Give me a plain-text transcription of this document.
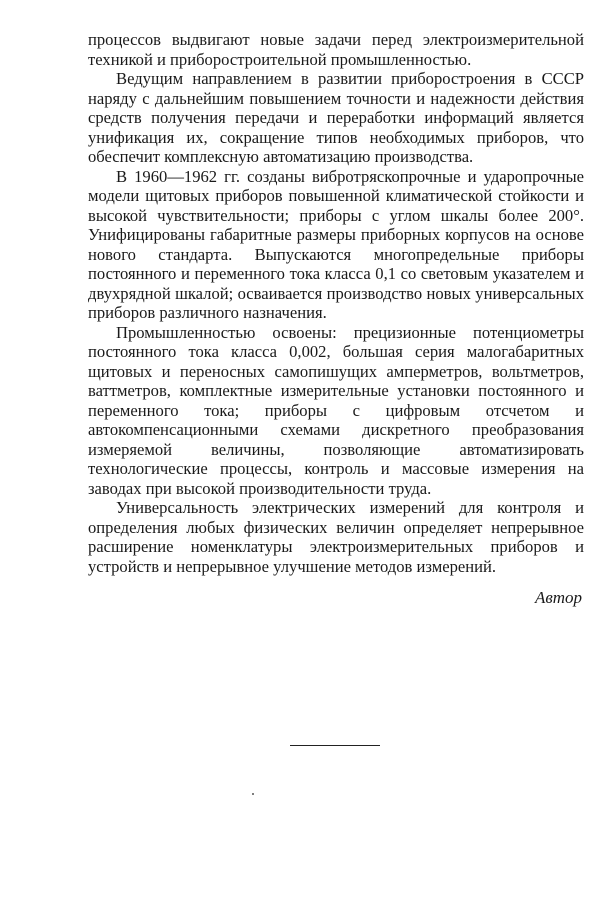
процессов выдвигают новые задачи перед электроизмерительной техникой и приборостроительной промышленностью.

Ведущим направлением в развитии приборостроения в СССР наряду с дальнейшим повышением точности и надежности действия средств получения передачи и переработки информаций является унификация их, сокращение типов необходимых приборов, что обеспечит комплексную автоматизацию производства.

В 1960—1962 гг. созданы вибротряскопрочные и ударопрочные модели щитовых приборов повышенной климатической стойкости и высокой чувствительности; приборы с углом шкалы более 200°. Унифицированы габаритные размеры приборных корпусов на основе нового стандарта. Выпускаются многопредельные приборы постоянного и переменного тока класса 0,1 со световым указателем и двухрядной шкалой; осваивается производство новых универсальных приборов различного назначения.

Промышленностью освоены: прецизионные потенциометры постоянного тока класса 0,002, большая серия малогабаритных щитовых и переносных самопишущих амперметров, вольтметров, ваттметров, комплектные измерительные установки постоянного и переменного тока; приборы с цифровым отсчетом и автокомпенсационными схемами дискретного преобразования измеряемой величины, позволяющие автоматизировать технологические процессы, контроль и массовые измерения на заводах при высокой производительности труда.

Универсальность электрических измерений для контроля и определения любых физических величин определяет непрерывное расширение номенклатуры электроизмерительных приборов и устройств и непрерывное улучшение методов измерений.

Автор
